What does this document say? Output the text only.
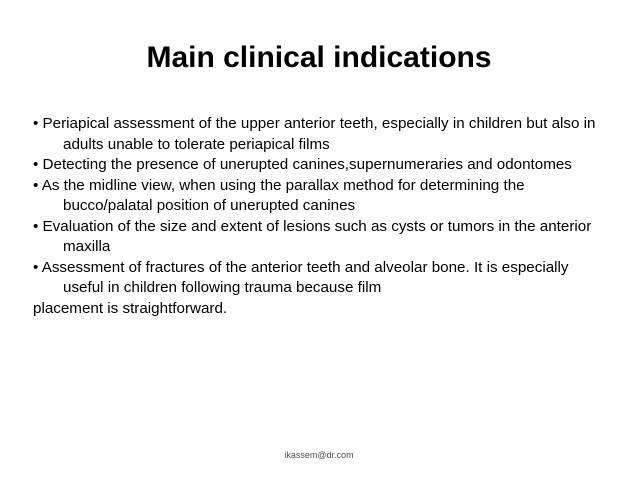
Main clinical indications
• Periapical assessment of the upper anterior teeth, especially in children but also in adults unable to tolerate periapical films
• Detecting the presence of unerupted canines,supernumeraries and odontomes
• As the midline view, when using the parallax method for determining the bucco/palatal position of unerupted canines
• Evaluation of the size and extent of lesions such as cysts or tumors in the anterior maxilla
• Assessment of fractures of the anterior teeth and alveolar bone. It is especially useful in children following trauma because film
placement is straightforward.
ikassem@dr.com
